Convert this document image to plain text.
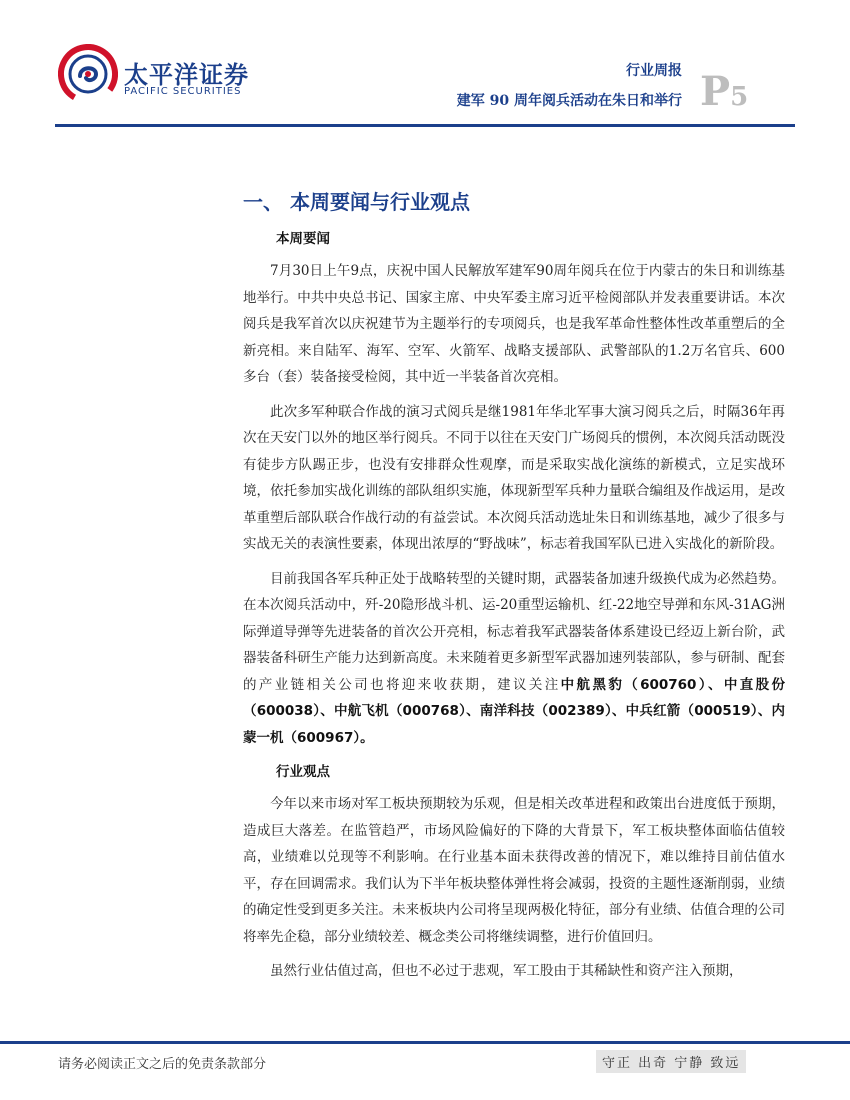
太平洋证券
PACIFIC SECURITIES
行业周报
建军 90 周年阅兵活动在朱日和举行 P5
一、 本周要闻与行业观点
本周要闻

7月30日上午9点，庆祝中国人民解放军建军90周年阅兵在位于内蒙古的朱日和训练基地举行。中共中央总书记、国家主席、中央军委主席习近平检阅部队并发表重要讲话。本次阅兵是我军首次以庆祝建节为主题举行的专项阅兵，也是我军革命性整体性改革重塑后的全新亮相。来自陆军、海军、空军、火箭军、战略支援部队、武警部队的1.2万名官兵、600多台（套）装备接受检阅，其中近一半装备首次亮相。

此次多军种联合作战的演习式阅兵是继1981年华北军事大演习阅兵之后，时隔36年再次在天安门以外的地区举行阅兵。不同于以往在天安门广场阅兵的惯例，本次阅兵活动既没有徒步方队踢正步，也没有安排群众性观摩，而是采取实战化演练的新模式，立足实战环境，依托参加实战化训练的部队组织实施，体现新型军兵种力量联合编组及作战运用，是改革重塑后部队联合作战行动的有益尝试。本次阅兵活动选址朱日和训练基地，减少了很多与实战无关的表演性要素，体现出浓厚的“野战味”，标志着我国军队已进入实战化的新阶段。

目前我国各军兵种正处于战略转型的关键时期，武器装备加速升级换代成为必然趋势。在本次阅兵活动中，歼-20隐形战斗机、运-20重型运输机、红-22地空导弹和东风-31AG洲际弹道导弹等先进装备的首次公开亮相，标志着我军武器装备体系建设已经迈上新台阶，武器装备科研生产能力达到新高度。未来随着更多新型军武器加速列装部队，参与研制、配套的产业链相关公司也将迎来收获期，建议关注中航黑豹（600760）、中直股份（600038）、中航飞机（000768）、南洋科技（002389）、中兵红箭（000519）、内蒙一机（600967）。

行业观点

今年以来市场对军工板块预期较为乐观，但是相关改革进程和政策出台进度低于预期，造成巨大落差。在监管趋严，市场风险偏好的下降的大背景下，军工板块整体面临估值较高，业绩难以兑现等不利影响。在行业基本面未获得改善的情况下，难以维持目前估值水平，存在回调需求。我们认为下半年板块整体弹性将会减弱，投资的主题性逐渐削弱，业绩的确定性受到更多关注。未来板块内公司将呈现两极化特征，部分有业绩、估值合理的公司将率先企稳，部分业绩较差、概念类公司将继续调整，进行价值回归。

虽然行业估值过高，但也不必过于悲观，军工股由于其稀缺性和资产注入预期，

请务必阅读正文之后的免责条款部分	守正 出奇 宁静 致远
